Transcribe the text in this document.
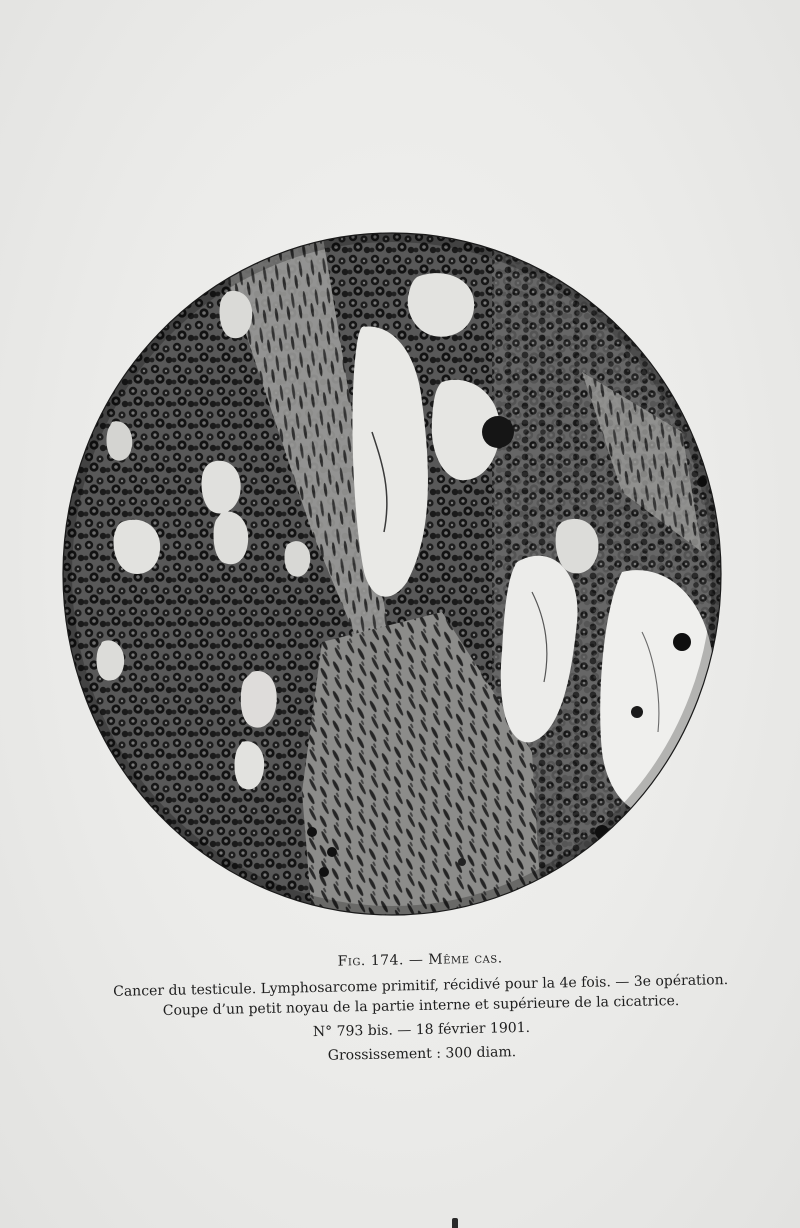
Fig. 174. — Même cas.

Cancer du testicule. Lymphosarcome primitif, récidivé pour la 4e fois. — 3e opération.

Coupe d’un petit noyau de la partie interne et supérieure de la cicatrice.

N° 793 bis. — 18 février 1901.

Grossissement : 300 diam.
